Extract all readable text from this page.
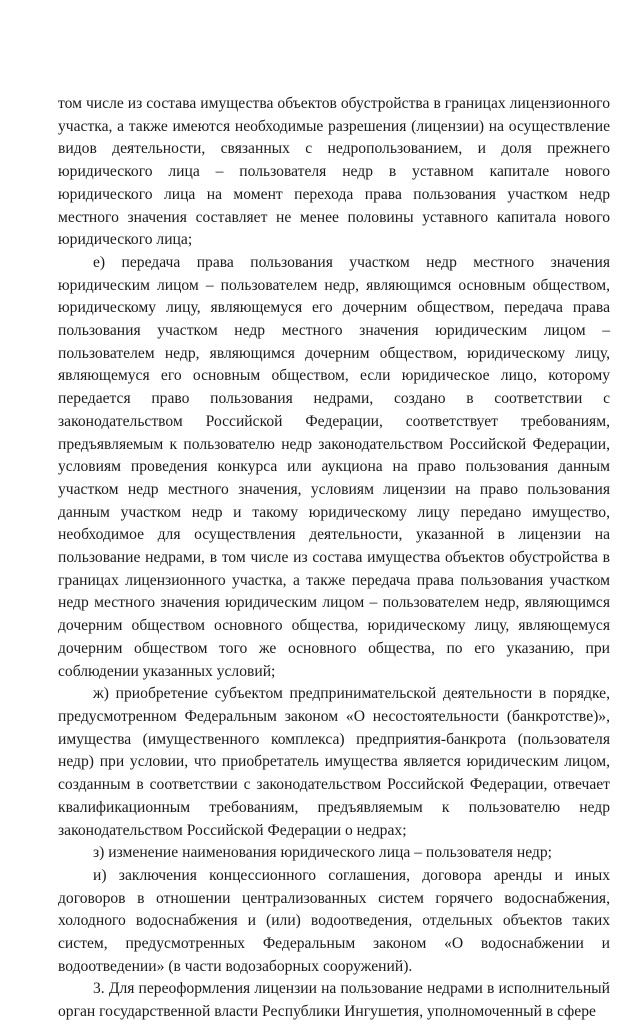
том числе из состава имущества объектов обустройства в границах лицензионного участка, а также имеются необходимые разрешения (лицензии) на осуществление видов деятельности, связанных с недропользованием, и доля прежнего юридического лица – пользователя недр в уставном капитале нового юридического лица на момент перехода права пользования участком недр местного значения составляет не менее половины уставного капитала нового юридического лица;

е) передача права пользования участком недр местного значения юридическим лицом – пользователем недр, являющимся основным обществом, юридическому лицу, являющемуся его дочерним обществом, передача права пользования участком недр местного значения юридическим лицом – пользователем недр, являющимся дочерним обществом, юридическому лицу, являющемуся его основным обществом, если юридическое лицо, которому передается право пользования недрами, создано в соответствии с законодательством Российской Федерации, соответствует требованиям, предъявляемым к пользователю недр законодательством Российской Федерации, условиям проведения конкурса или аукциона на право пользования данным участком недр местного значения, условиям лицензии на право пользования данным участком недр и такому юридическому лицу передано имущество, необходимое для осуществления деятельности, указанной в лицензии на пользование недрами, в том числе из состава имущества объектов обустройства в границах лицензионного участка, а также передача права пользования участком недр местного значения юридическим лицом – пользователем недр, являющимся дочерним обществом основного общества, юридическому лицу, являющемуся дочерним обществом того же основного общества, по его указанию, при соблюдении указанных условий;

ж) приобретение субъектом предпринимательской деятельности в порядке, предусмотренном Федеральным законом «О несостоятельности (банкротстве)», имущества (имущественного комплекса) предприятия-банкрота (пользователя недр) при условии, что приобретатель имущества является юридическим лицом, созданным в соответствии с законодательством Российской Федерации, отвечает квалификационным требованиям, предъявляемым к пользователю недр законодательством Российской Федерации о недрах;

з) изменение наименования юридического лица – пользователя недр;

и) заключения концессионного соглашения, договора аренды и иных договоров в отношении централизованных систем горячего водоснабжения, холодного водоснабжения и (или) водоотведения, отдельных объектов таких систем, предусмотренных Федеральным законом «О водоснабжении и водоотведении» (в части водозаборных сооружений).

3. Для переоформления лицензии на пользование недрами в исполнительный орган государственной власти Республики Ингушетия, уполномоченный в сфере
